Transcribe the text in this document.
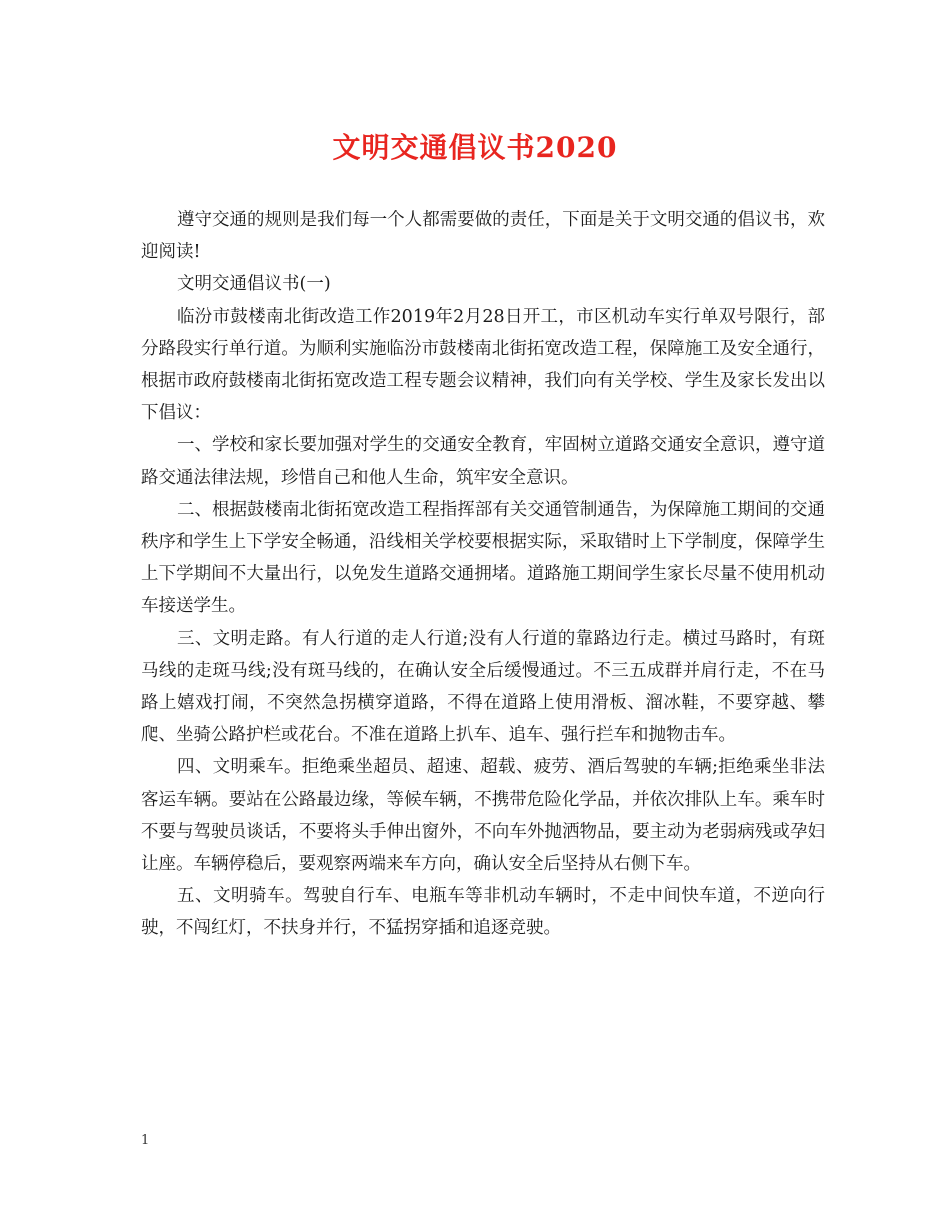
文明交通倡议书2020

遵守交通的规则是我们每一个人都需要做的责任，下面是关于文明交通的倡议书，欢迎阅读!

文明交通倡议书(一)

临汾市鼓楼南北街改造工作2019年2月28日开工，市区机动车实行单双号限行，部分路段实行单行道。为顺利实施临汾市鼓楼南北街拓宽改造工程，保障施工及安全通行，根据市政府鼓楼南北街拓宽改造工程专题会议精神，我们向有关学校、学生及家长发出以下倡议：

一、学校和家长要加强对学生的交通安全教育，牢固树立道路交通安全意识，遵守道路交通法律法规，珍惜自己和他人生命，筑牢安全意识。

二、根据鼓楼南北街拓宽改造工程指挥部有关交通管制通告，为保障施工期间的交通秩序和学生上下学安全畅通，沿线相关学校要根据实际，采取错时上下学制度，保障学生上下学期间不大量出行，以免发生道路交通拥堵。道路施工期间学生家长尽量不使用机动车接送学生。

三、文明走路。有人行道的走人行道;没有人行道的靠路边行走。横过马路时，有斑马线的走斑马线;没有斑马线的，在确认安全后缓慢通过。不三五成群并肩行走，不在马路上嬉戏打闹，不突然急拐横穿道路，不得在道路上使用滑板、溜冰鞋，不要穿越、攀爬、坐骑公路护栏或花台。不准在道路上扒车、追车、强行拦车和抛物击车。

四、文明乘车。拒绝乘坐超员、超速、超载、疲劳、酒后驾驶的车辆;拒绝乘坐非法客运车辆。要站在公路最边缘，等候车辆，不携带危险化学品，并依次排队上车。乘车时不要与驾驶员谈话，不要将头手伸出窗外，不向车外抛洒物品，要主动为老弱病残或孕妇让座。车辆停稳后，要观察两端来车方向，确认安全后坚持从右侧下车。

五、文明骑车。驾驶自行车、电瓶车等非机动车辆时，不走中间快车道，不逆向行驶，不闯红灯，不扶身并行，不猛拐穿插和追逐竞驶。

1
